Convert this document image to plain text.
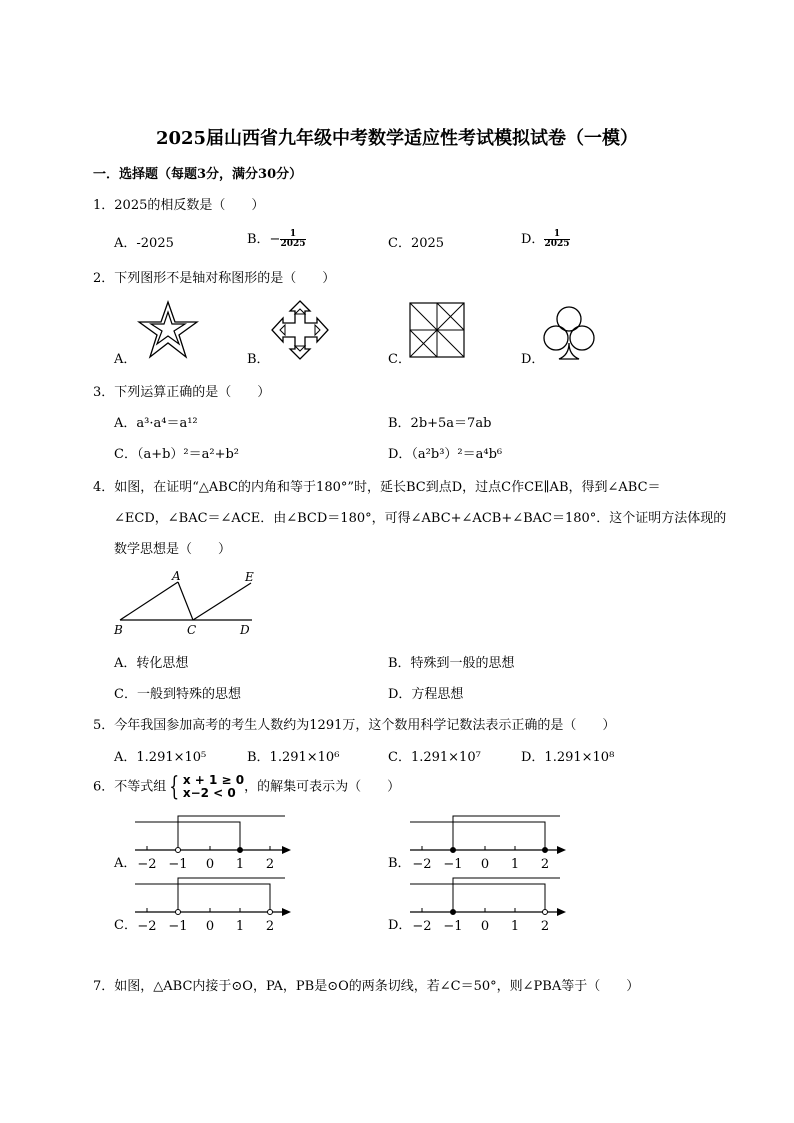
2025届山西省九年级中考数学适应性考试模拟试卷（一模）
一．选择题（每题3分，满分30分）
1．2025的相反数是（　　）
A．-2025	B．− $\frac{1}{2025}$	C．2025	D． $\frac{1}{2025}$
2．下列图形不是轴对称图形的是（　　）
A．	B．	C．	D．
3．下列运算正确的是（　　）
A．a³·a⁴＝a¹²	B．2b+5a＝7ab
C．（a+b）²＝a²+b²	D．（a²b³）²＝a⁴b⁶
4．如图，在证明“△ABC的内角和等于180°”时，延长BC到点D，过点C作CE∥AB，得到∠ABC＝
∠ECD，∠BAC＝∠ACE．由∠BCD＝180°，可得∠ABC+∠ACB+∠BAC＝180°．这个证明方法体现的
数学思想是（　　）
A	E
B	C	D
A．转化思想	B．特殊到一般的思想
C．一般到特殊的思想	D．方程思想
5．今年我国参加高考的考生人数约为1291万，这个数用科学记数法表示正确的是（　　）
A．1.291×10⁵	B．1.291×10⁶	C．1.291×10⁷	D．1.291×10⁸
6．不等式组 { x + 1 ≥ 0
x−2 < 0 ，的解集可表示为（　　）
A． −2 −1 0 1 2	B． −2 −1 0 1 2
C． −2 −1 0 1 2	D． −2 −1 0 1 2
7．如图，△ABC内接于⊙O，PA，PB是⊙O的两条切线，若∠C＝50°，则∠PBA等于（　　）
